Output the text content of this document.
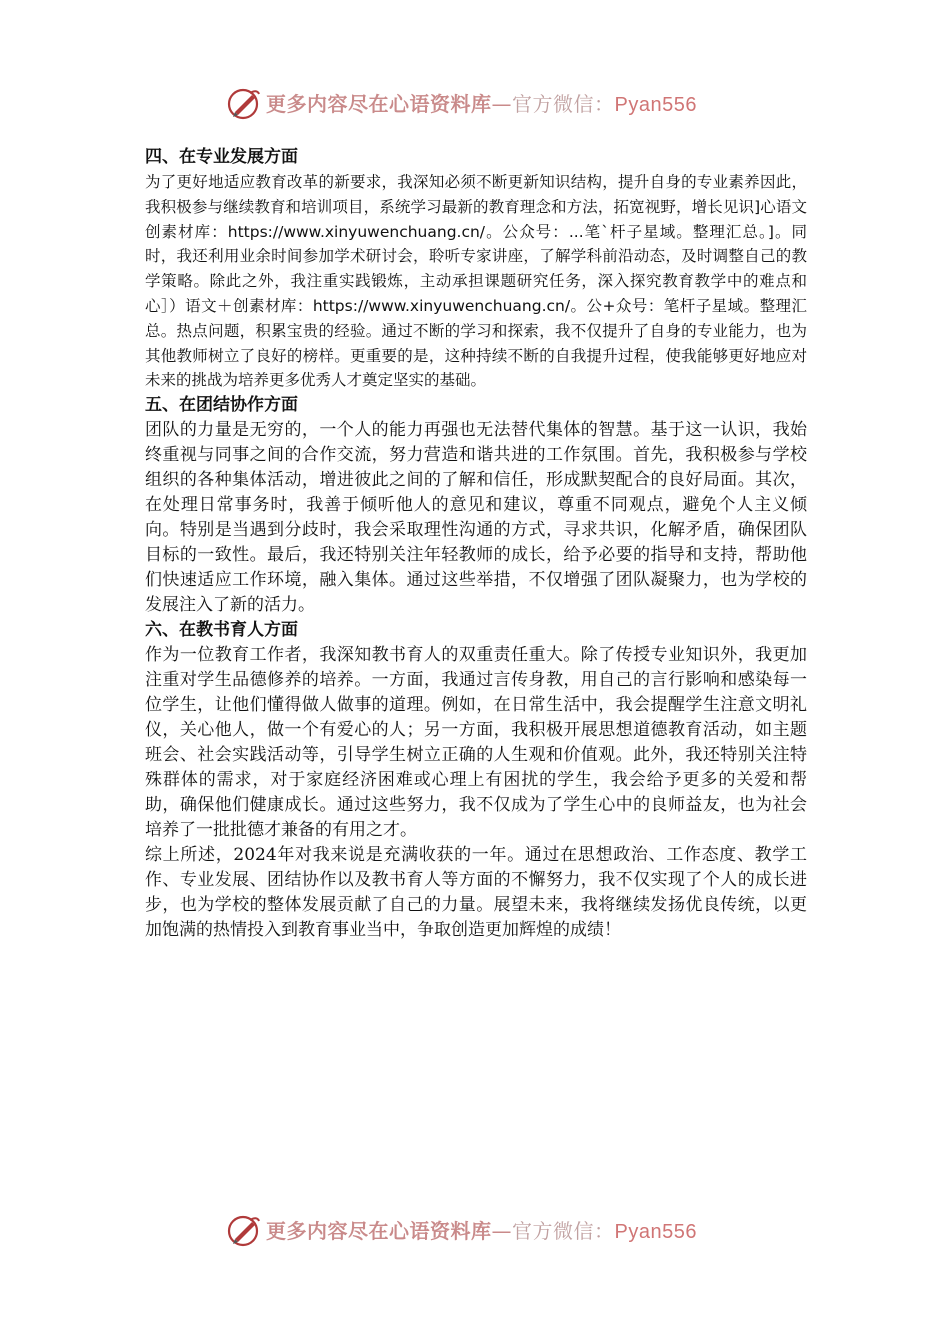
更多内容尽在心语资料库—官方微信：Pyan556
四、在专业发展方面
为了更好地适应教育改革的新要求，我深知必须不断更新知识结构，提升自身的专业素养因此，我积极参与继续教育和培训项目，系统学习最新的教育理念和方法，拓宽视野，增长见识]心语文创素材库：https://www.xinyuwenchuang.cn/。公众号：...笔`杆子星域。整理汇总。]。同时，我还利用业余时间参加学术研讨会，聆听专家讲座，了解学科前沿动态，及时调整自己的教学策略。除此之外，我注重实践锻炼，主动承担课题研究任务，深入探究教育教学中的难点和心］）语文＋创素材库：https://www.xinyuwenchuang.cn/。公+众号：笔杆子星域。整理汇总。热点问题，积累宝贵的经验。通过不断的学习和探索，我不仅提升了自身的专业能力，也为其他教师树立了良好的榜样。更重要的是，这种持续不断的自我提升过程，使我能够更好地应对未来的挑战为培养更多优秀人才奠定坚实的基础。
五、在团结协作方面
团队的力量是无穷的，一个人的能力再强也无法替代集体的智慧。基于这一认识，我始终重视与同事之间的合作交流，努力营造和谐共进的工作氛围。首先，我积极参与学校组织的各种集体活动，增进彼此之间的了解和信任，形成默契配合的良好局面。其次，在处理日常事务时，我善于倾听他人的意见和建议，尊重不同观点，避免个人主义倾向。特别是当遇到分歧时，我会采取理性沟通的方式，寻求共识，化解矛盾，确保团队目标的一致性。最后，我还特别关注年轻教师的成长，给予必要的指导和支持，帮助他们快速适应工作环境，融入集体。通过这些举措，不仅增强了团队凝聚力，也为学校的发展注入了新的活力。
六、在教书育人方面
作为一位教育工作者，我深知教书育人的双重责任重大。除了传授专业知识外，我更加注重对学生品德修养的培养。一方面，我通过言传身教，用自己的言行影响和感染每一位学生，让他们懂得做人做事的道理。例如，在日常生活中，我会提醒学生注意文明礼仪，关心他人，做一个有爱心的人；另一方面，我积极开展思想道德教育活动，如主题班会、社会实践活动等，引导学生树立正确的人生观和价值观。此外，我还特别关注特殊群体的需求，对于家庭经济困难或心理上有困扰的学生，我会给予更多的关爱和帮助，确保他们健康成长。通过这些努力，我不仅成为了学生心中的良师益友，也为社会培养了一批批德才兼备的有用之才。
综上所述，2024年对我来说是充满收获的一年。通过在思想政治、工作态度、教学工作、专业发展、团结协作以及教书育人等方面的不懈努力，我不仅实现了个人的成长进步，也为学校的整体发展贡献了自己的力量。展望未来，我将继续发扬优良传统，以更加饱满的热情投入到教育事业当中，争取创造更加辉煌的成绩！
更多内容尽在心语资料库—官方微信：Pyan556
